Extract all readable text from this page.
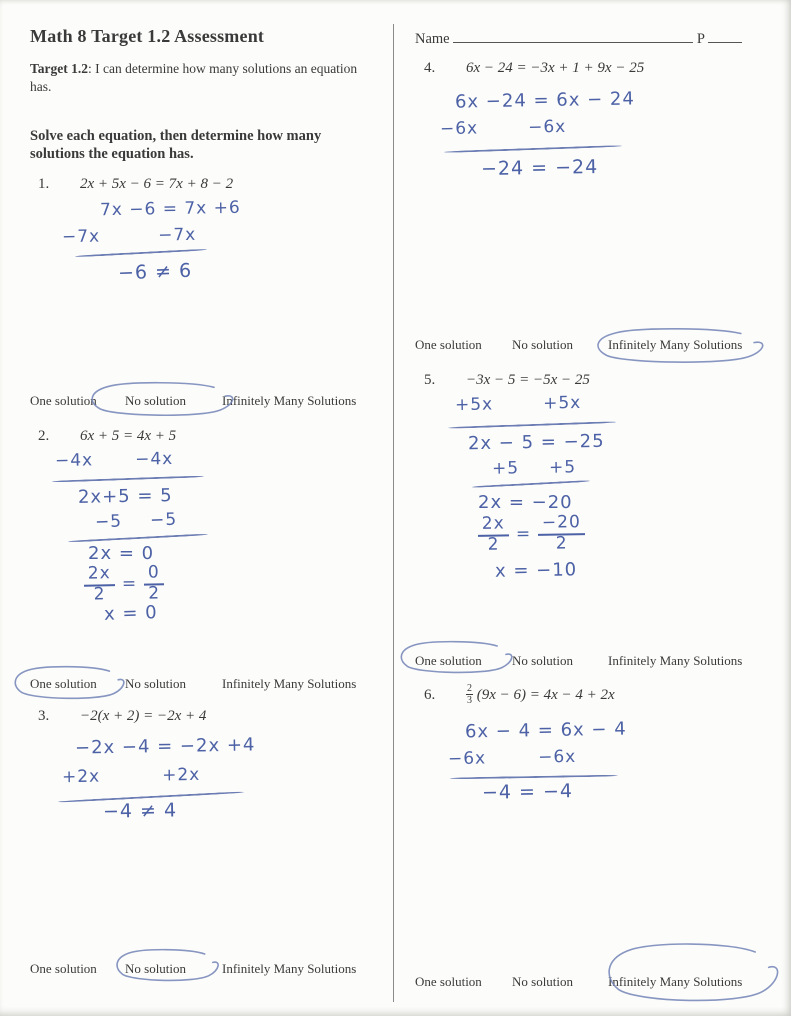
Math 8 Target 1.2 Assessment
Target 1.2: I can determine how many solutions an equation has.
Solve each equation, then determine how many solutions the equation has.
1. 2x + 5x − 6 = 7x + 8 − 2
7x −6 = 7x +6
−7x	−7x
−6 ≠ 6
One solution No solution	Infinitely Many Solutions
2. 6x + 5 = 4x + 5
−4x −4x
2x+5 = 5
−5 −5
2x = 0
$\frac{2x}{2} = \frac{0}{2}$
x = 0
One solution No solution	Infinitely Many Solutions
3. −2(x + 2) = −2x + 4
−2x −4 = −2x +4
+2x	+2x
−4 ≠ 4
One solution No solution	Infinitely Many Solutions
Name	P
4. 6x − 24 = −3x + 1 + 9x − 25
6x −24 = 6x − 24
−6x	−6x
−24 = −24
One solution No solution	Infinitely Many Solutions
5. −3x − 5 = −5x − 25
+5x	+5x
2x − 5 = −25
+5 +5
2x = −20
$\frac{2x}{2} = \frac{-20}{2}$
x = −10
One solution No solution	Infinitely Many Solutions
6.	$\frac{2}{3} (9x - 6) = 4x - 4 + 2x$
6x − 4 = 6x − 4
−6x	−6x
−4 = −4
One solution No solution	Infinitely Many Solutions
